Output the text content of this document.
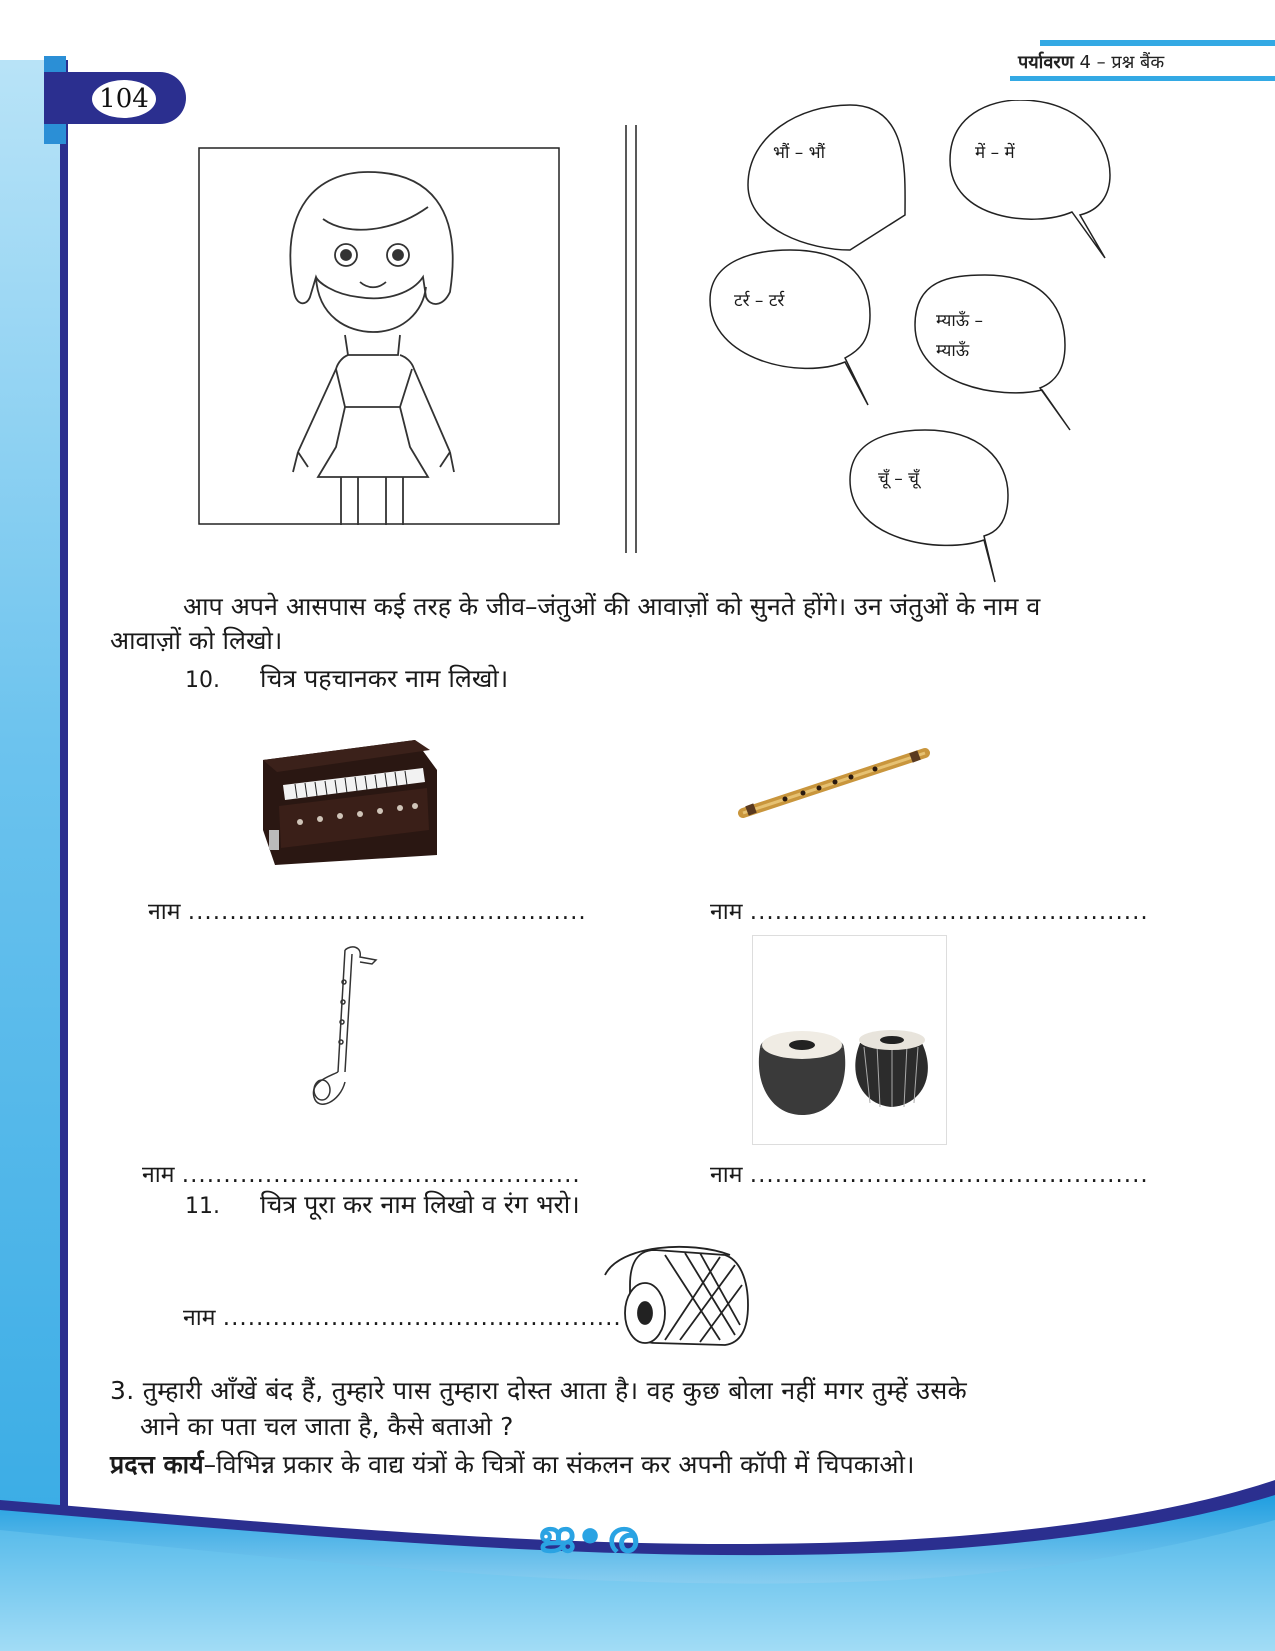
104
पर्यावरण 4 – प्रश्न बैंक
भौं – भौं	में – में
टर्र – टर्र
म्याऊँ –
म्याऊँ
चूँ – चूँ
आप अपने आसपास कई तरह के जीव–जंतुओं की आवाज़ों को सुनते होंगे। उन जंतुओं के नाम व
आवाज़ों को लिखो।
10. चित्र पहचानकर नाम लिखो।
नाम ................................................	नाम ................................................
नाम ................................................	नाम ................................................
11. चित्र पूरा कर नाम लिखो व रंग भरो।
नाम ................................................
3. तुम्हारी आँखें बंद हैं, तुम्हारे पास तुम्हारा दोस्त आता है। वह कुछ बोला नहीं मगर तुम्हें उसके
आने का पता चल जाता है, कैसे बताओ ?
प्रदत्त कार्य–विभिन्न प्रकार के वाद्य यंत्रों के चित्रों का संकलन कर अपनी कॉपी में चिपकाओ।
ജ•ര
